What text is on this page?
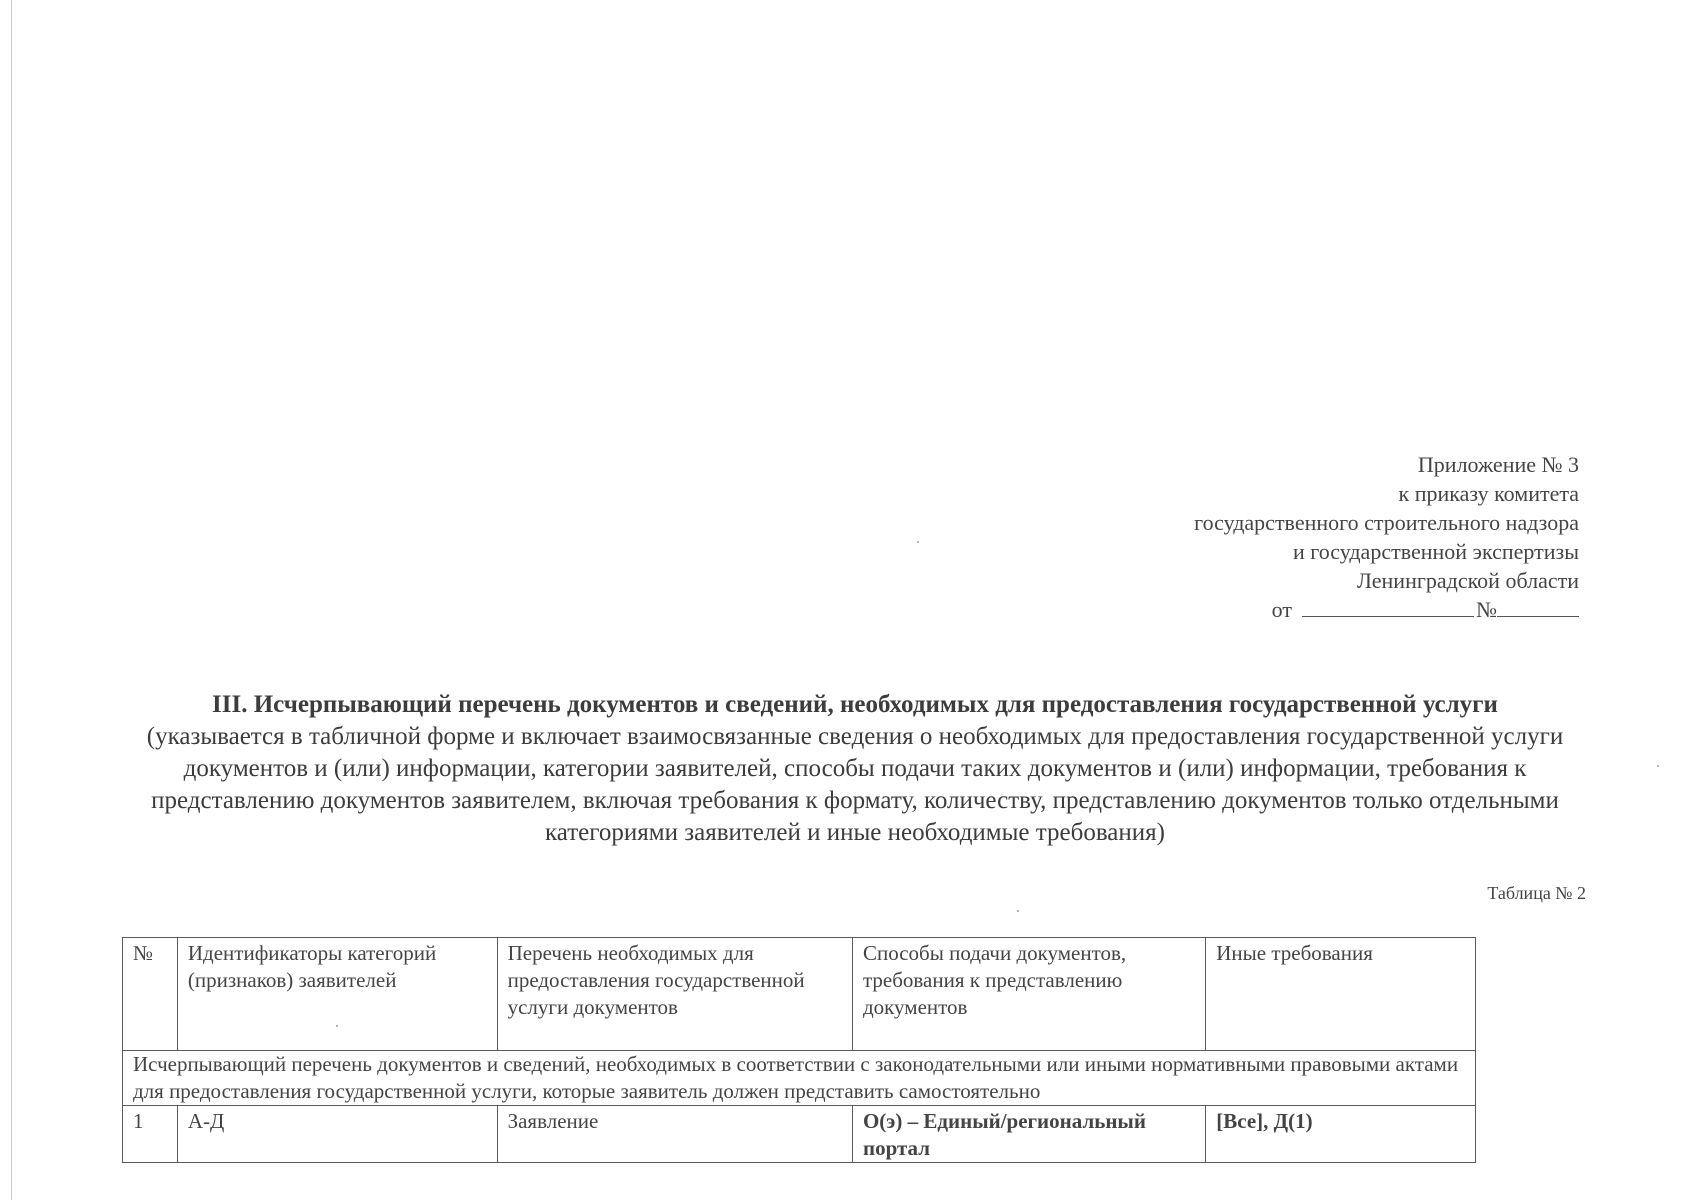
Приложение № 3
к приказу комитета
государственного строительного надзора
и государственной экспертизы
Ленинградской области
от	№
III. Исчерпывающий перечень документов и сведений, необходимых для предоставления государственной услуги
(указывается в табличной форме и включает взаимосвязанные сведения о необходимых для предоставления государственной услуги документов и (или) информации, категории заявителей, способы подачи таких документов и (или) информации, требования к представлению документов заявителем, включая требования к формату, количеству, представлению документов только отдельными категориями заявителей и иные необходимые требования)
Таблица № 2
№	Идентификаторы категорий (признаков) заявителей	Перечень необходимых для предоставления государственной услуги документов	Способы подачи документов, требования к представлению документов	Иные требования
Исчерпывающий перечень документов и сведений, необходимых в соответствии с законодательными или иными нормативными правовыми актами для предоставления государственной услуги, которые заявитель должен представить самостоятельно				
1	А-Д	Заявление	О(э) – Единый/региональный портал	[Все], Д(1)
